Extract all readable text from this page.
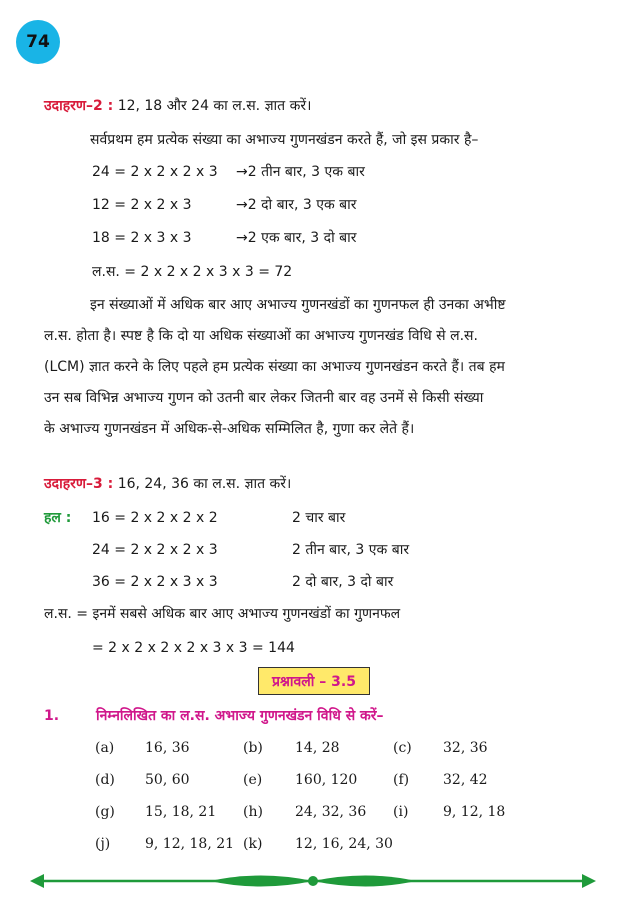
74
उदाहरण–2 : 12, 18 और 24 का ल.स. ज्ञात करें।
सर्वप्रथम हम प्रत्येक संख्या का अभाज्य गुणनखंडन करते हैं, जो इस प्रकार है–
24 = 2 x 2 x 2 x 3 →2 तीन बार, 3 एक बार
12 = 2 x 2 x 3	→2 दो बार, 3 एक बार
18 = 2 x 3 x 3	→2 एक बार, 3 दो बार
ल.स. = 2 x 2 x 2 x 3 x 3 = 72
इन संख्याओं में अधिक बार आए अभाज्य गुणनखंडों का गुणनफल ही उनका अभीष्ट
ल.स. होता है। स्पष्ट है कि दो या अधिक संख्याओं का अभाज्य गुणनखंड विधि से ल.स.
(LCM) ज्ञात करने के लिए पहले हम प्रत्येक संख्या का अभाज्य गुणनखंडन करते हैं। तब हम
उन सब विभिन्न अभाज्य गुणन को उतनी बार लेकर जितनी बार वह उनमें से किसी संख्या
के अभाज्य गुणनखंडन में अधिक-से-अधिक सम्मिलित है, गुणा कर लेते हैं।
उदाहरण–3 : 16, 24, 36 का ल.स. ज्ञात करें।
हल : 16 = 2 x 2 x 2 x 2	2 चार बार
24 = 2 x 2 x 2 x 3	2 तीन बार, 3 एक बार
36 = 2 x 2 x 3 x 3	2 दो बार, 3 दो बार
ल.स. = इनमें सबसे अधिक बार आए अभाज्य गुणनखंडों का गुणनफल
= 2 x 2 x 2 x 2 x 3 x 3 = 144
प्रश्नावली – 3.5
1.	निम्नलिखित का ल.स. अभाज्य गुणनखंडन विधि से करें–
(a) 16, 36	(b) 14, 28	(c) 32, 36
(d) 50, 60	(e) 160, 120	(f) 32, 42
(g) 15, 18, 21 (h) 24, 32, 36 (i) 9, 12, 18
(j) 9, 12, 18, 21 (k) 12, 16, 24, 30
